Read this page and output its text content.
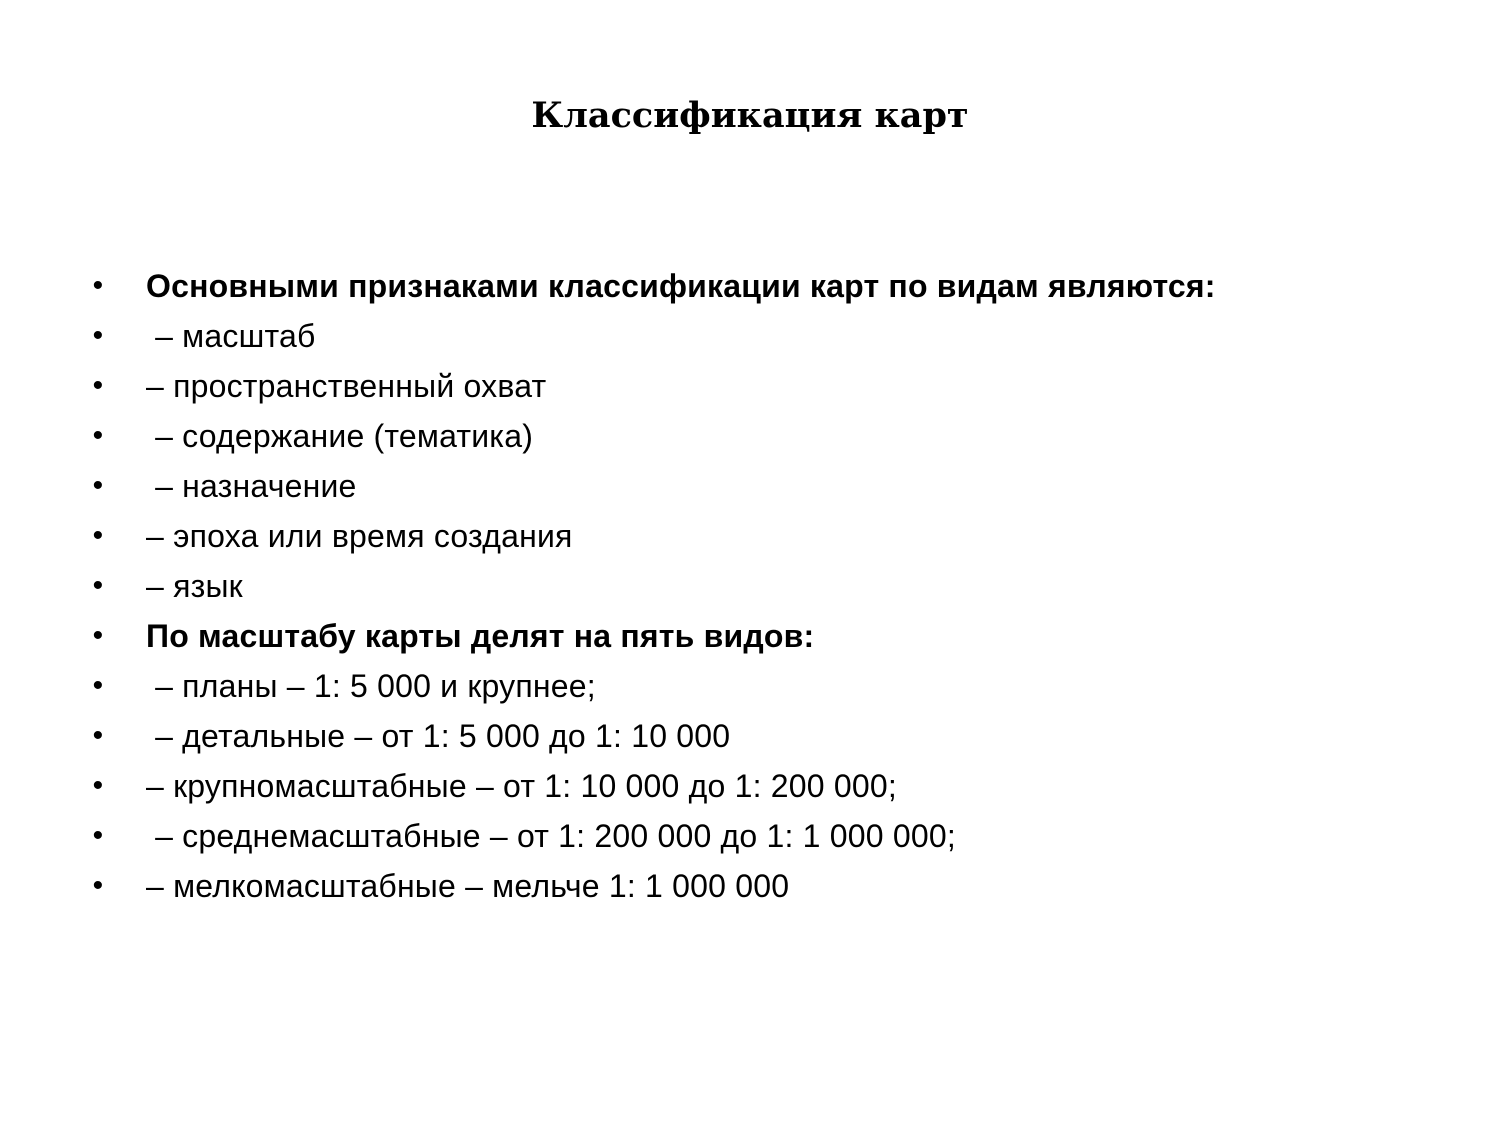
Классификация карт

•

Основными признаками классификации карт по видам являются:

•

– масштаб

•

– пространственный охват

•

– содержание (тематика)

•

– назначение

•

– эпоха или время создания

•

– язык

•

По масштабу карты делят на пять видов:

•

– планы – 1: 5 000 и крупнее;

•

– детальные – от 1: 5 000 до 1: 10 000

•

– крупномасштабные – от 1: 10 000 до 1: 200 000;

•

– среднемасштабные – от 1: 200 000 до 1: 1 000 000;

•

– мелкомасштабные – мельче 1: 1 000 000
